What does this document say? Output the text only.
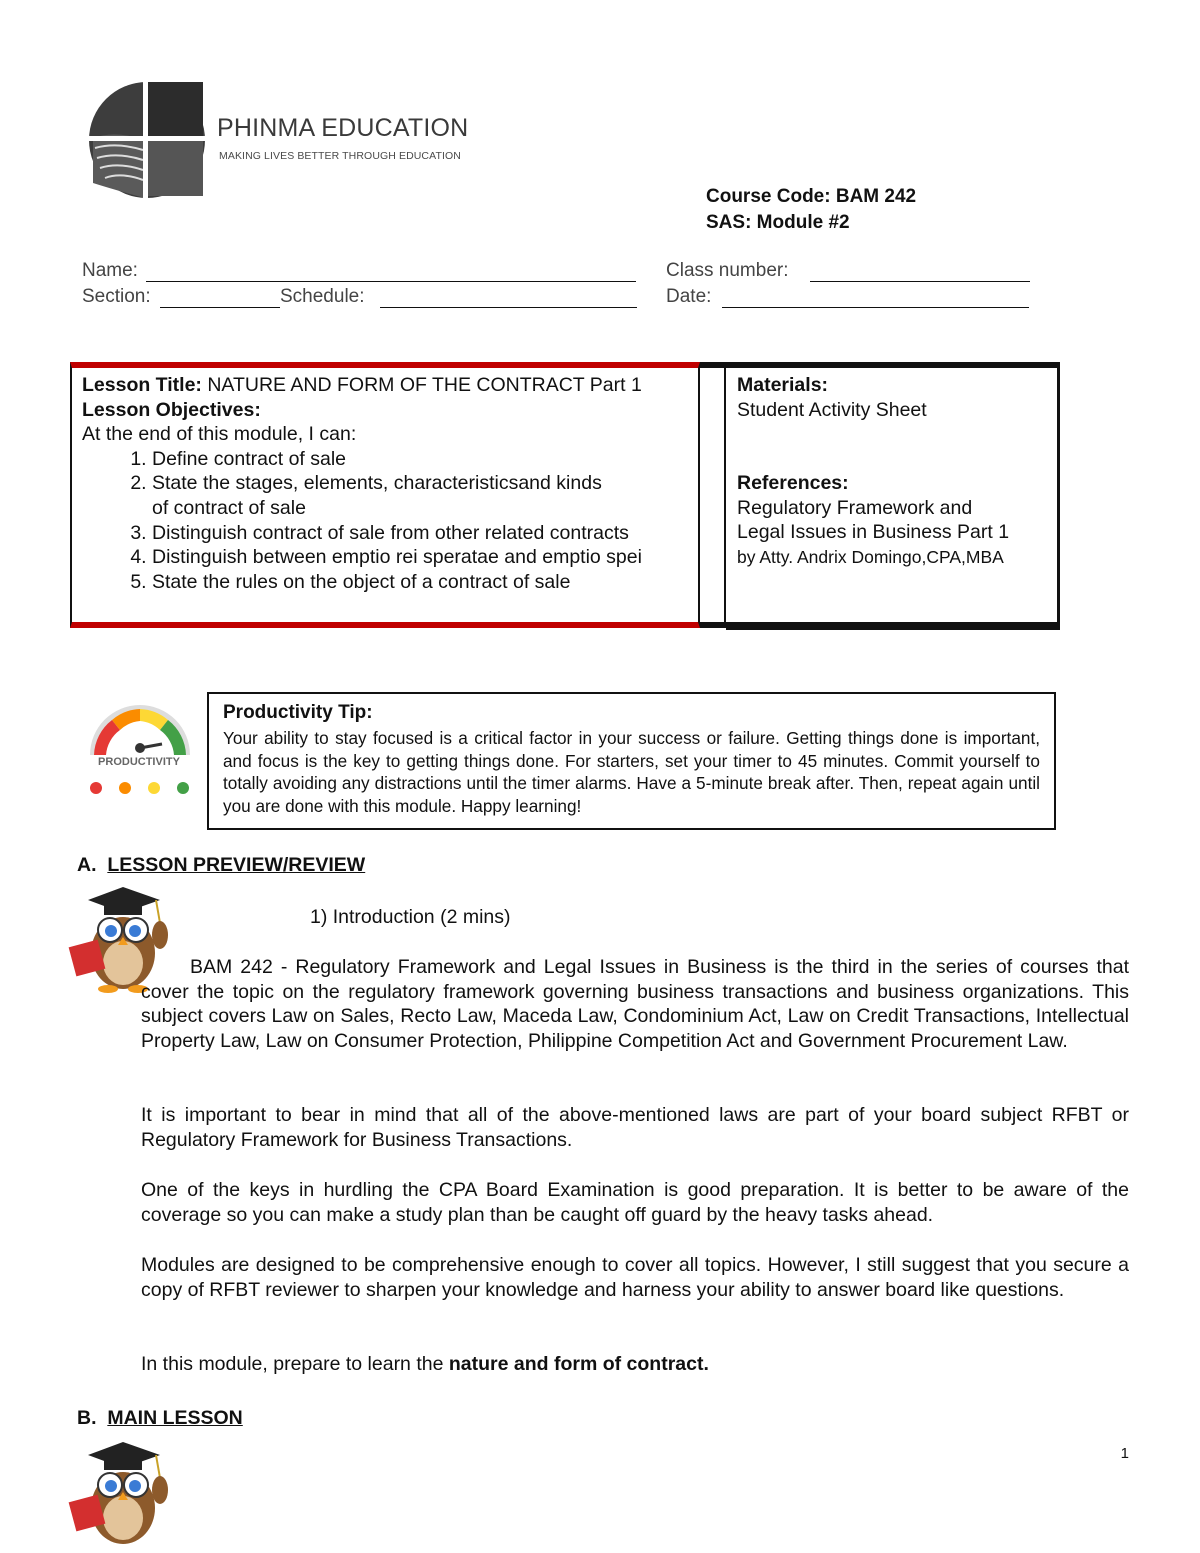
PHINMA EDUCATION
MAKING LIVES BETTER THROUGH EDUCATION
Course Code: BAM 242
SAS: Module #2
Name:	Class number:
Section:	Schedule:	Date:
Lesson Title: NATURE AND FORM OF THE CONTRACT Part 1
Lesson Objectives:
At the end of this module, I can:
1. Define contract of sale
2. State the stages, elements, characteristicsand kinds of contract of sale
3. Distinguish contract of sale from other related contracts
4. Distinguish between emptio rei speratae and emptio spei
5. State the rules on the object of a contract of sale
Materials:
Student Activity Sheet
References:
Regulatory Framework and
Legal Issues in Business Part 1
by Atty. Andrix Domingo,CPA,MBA
PRODUCTIVITY
Productivity Tip:
Your ability to stay focused is a critical factor in your success or failure. Getting things done is important, and focus is the key to getting things done. For starters, set your timer to 45 minutes. Commit yourself to totally avoiding any distractions until the timer alarms. Have a 5-minute break after. Then, repeat again until you are done with this module. Happy learning!
A. LESSON PREVIEW/REVIEW
1) Introduction (2 mins)
BAM 242 - Regulatory Framework and Legal Issues in Business is the third in the series of courses that cover the topic on the regulatory framework governing business transactions and business organizations. This subject covers Law on Sales, Recto Law, Maceda Law, Condominium Act, Law on Credit Transactions, Intellectual Property Law, Law on Consumer Protection, Philippine Competition Act and Government Procurement Law.
It is important to bear in mind that all of the above-mentioned laws are part of your board subject RFBT or Regulatory Framework for Business Transactions.
One of the keys in hurdling the CPA Board Examination is good preparation. It is better to be aware of the coverage so you can make a study plan than be caught off guard by the heavy tasks ahead.
Modules are designed to be comprehensive enough to cover all topics. However, I still suggest that you secure a copy of RFBT reviewer to sharpen your knowledge and harness your ability to answer board like questions.
In this module, prepare to learn the nature and form of contract.
B. MAIN LESSON
1
